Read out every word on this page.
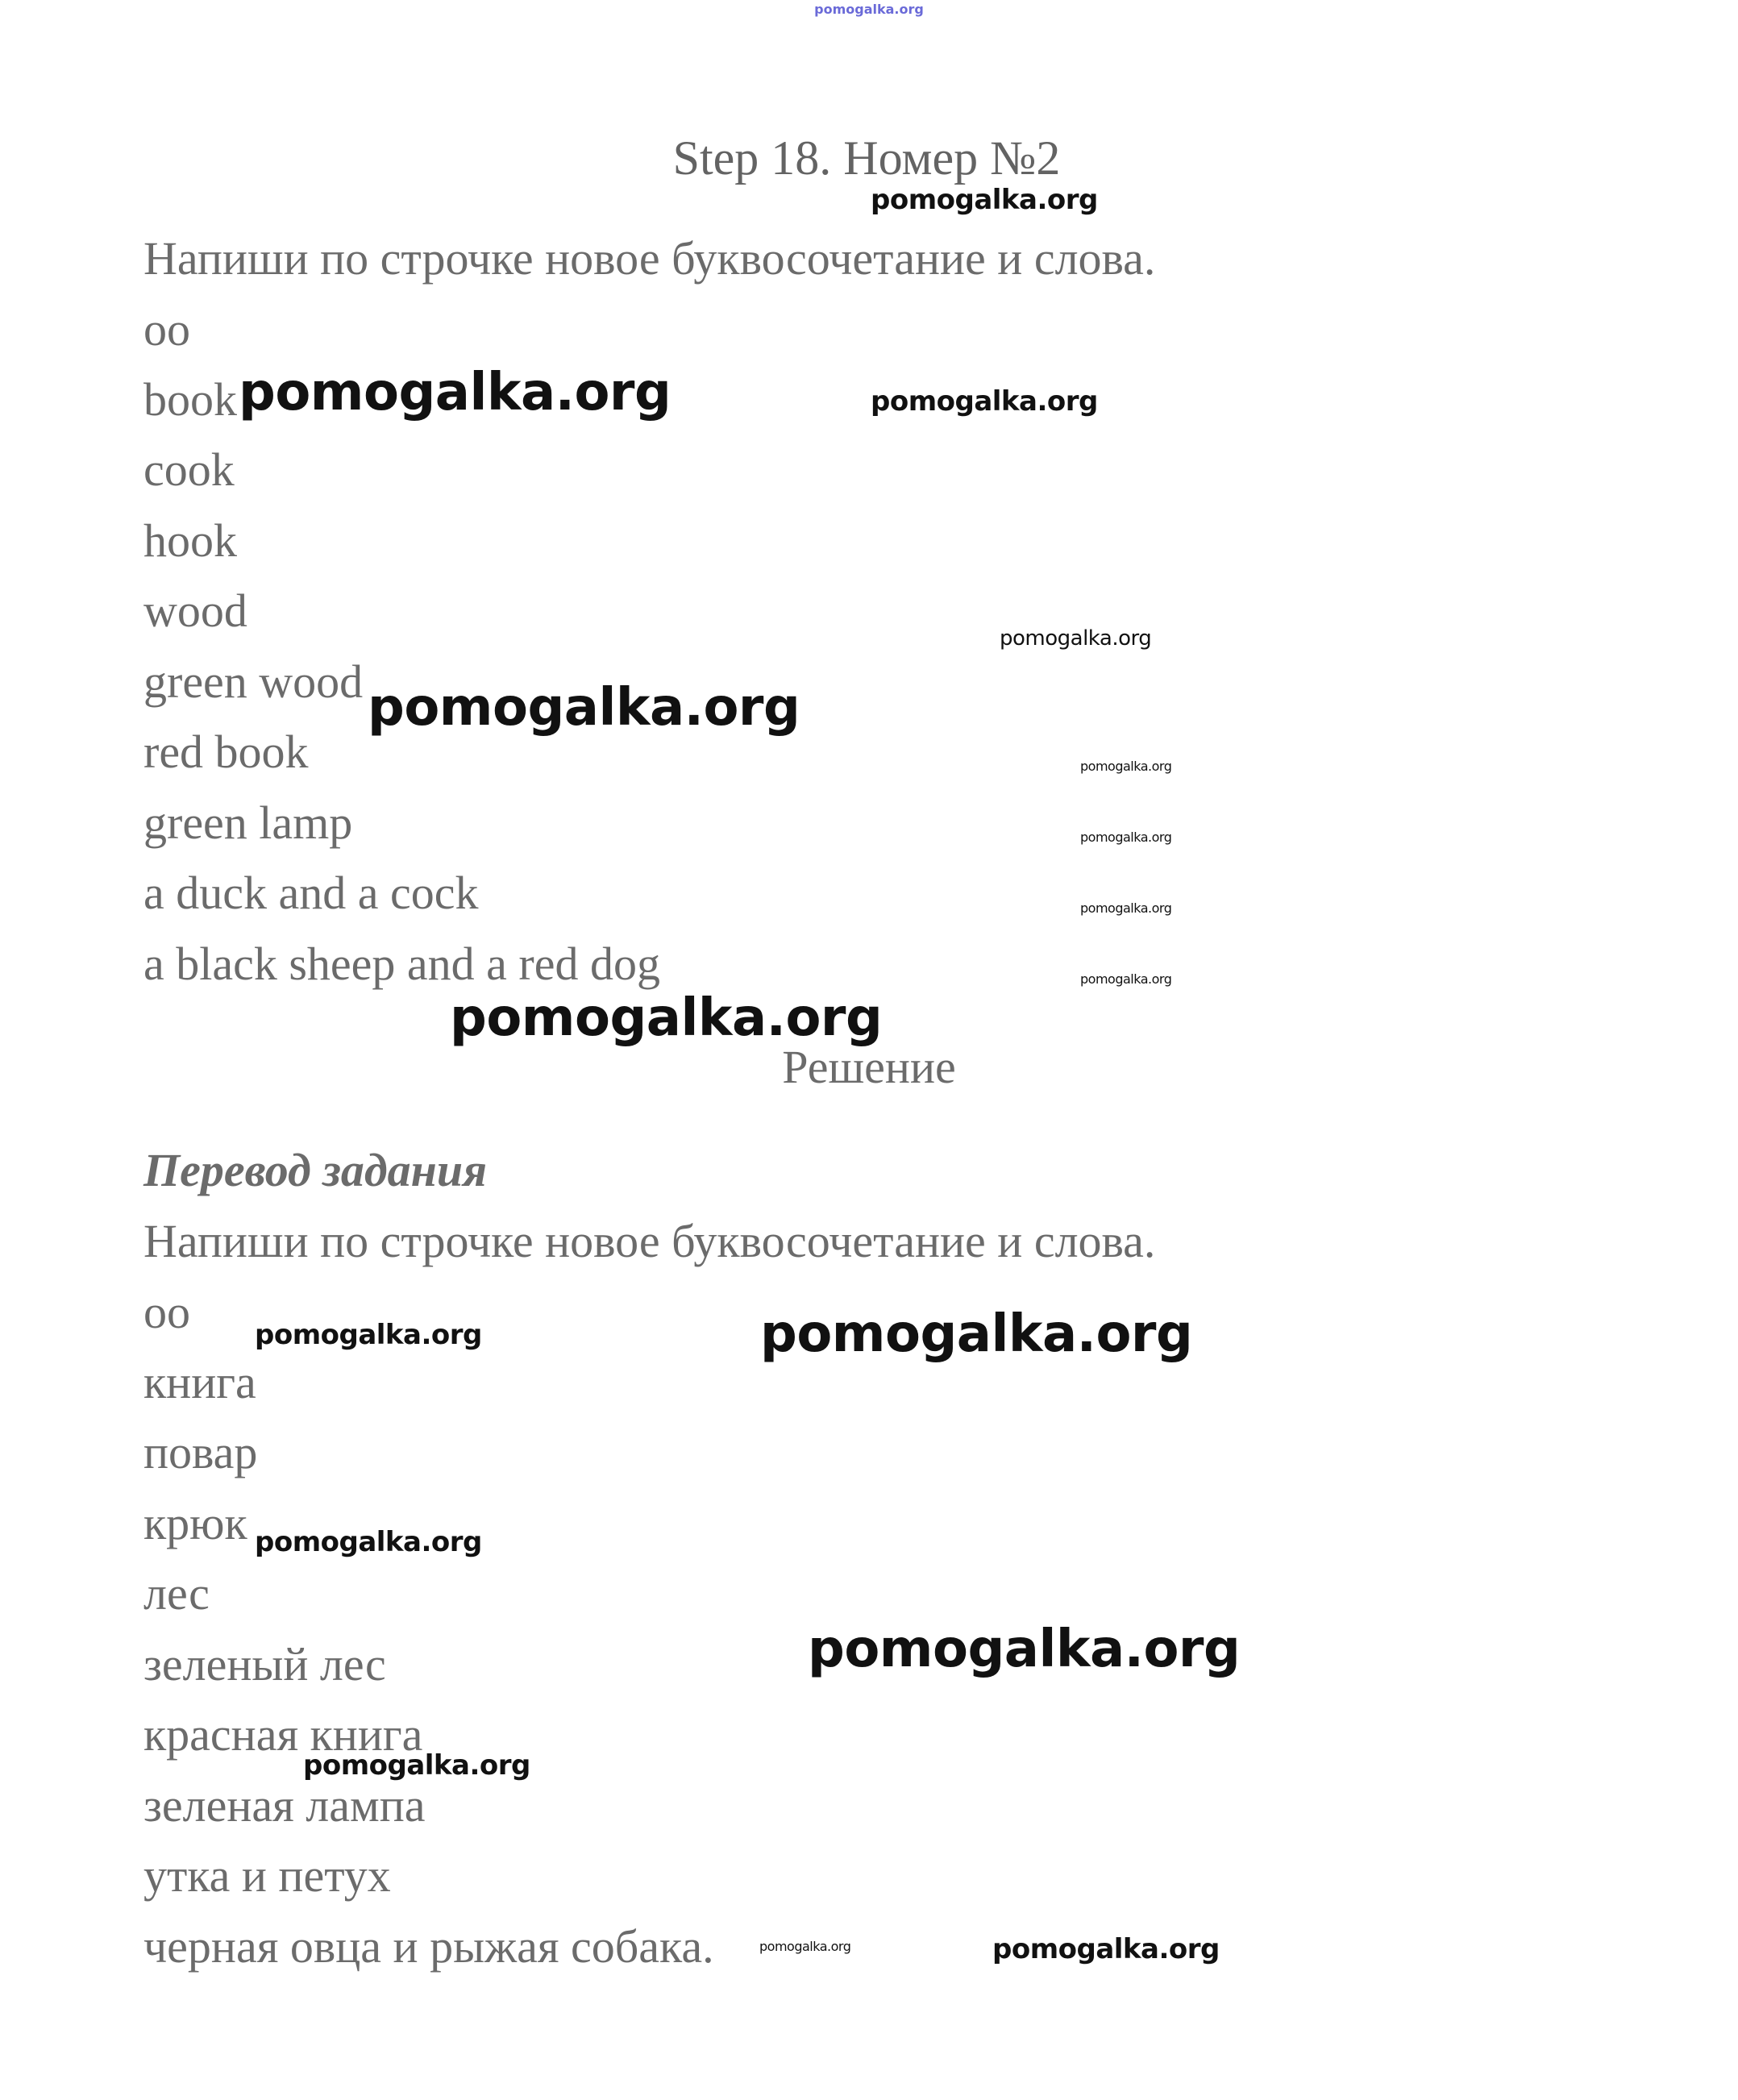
pomogalka.org
Step 18. Номер №2
Напиши по строчке новое буквосочетание и слова.
oo
book
cook
hook
wood
green wood
red book
green lamp
a duck and a cock
a black sheep and a red dog
Решение
Перевод задания
Напиши по строчке новое буквосочетание и слова.
oo
книга
повар
крюк
лес
зеленый лес
красная книга
зеленая лампа
утка и петух
черная овца и рыжая собака.
pomogalka.org
pomogalka.org	pomogalka.org
pomogalka.org
pomogalka.org
pomogalka.org
pomogalka.org
pomogalka.org
pomogalka.org
pomogalka.org
pomogalka.org	pomogalka.org
pomogalka.org
pomogalka.org
pomogalka.org
pomogalka.org	pomogalka.org
